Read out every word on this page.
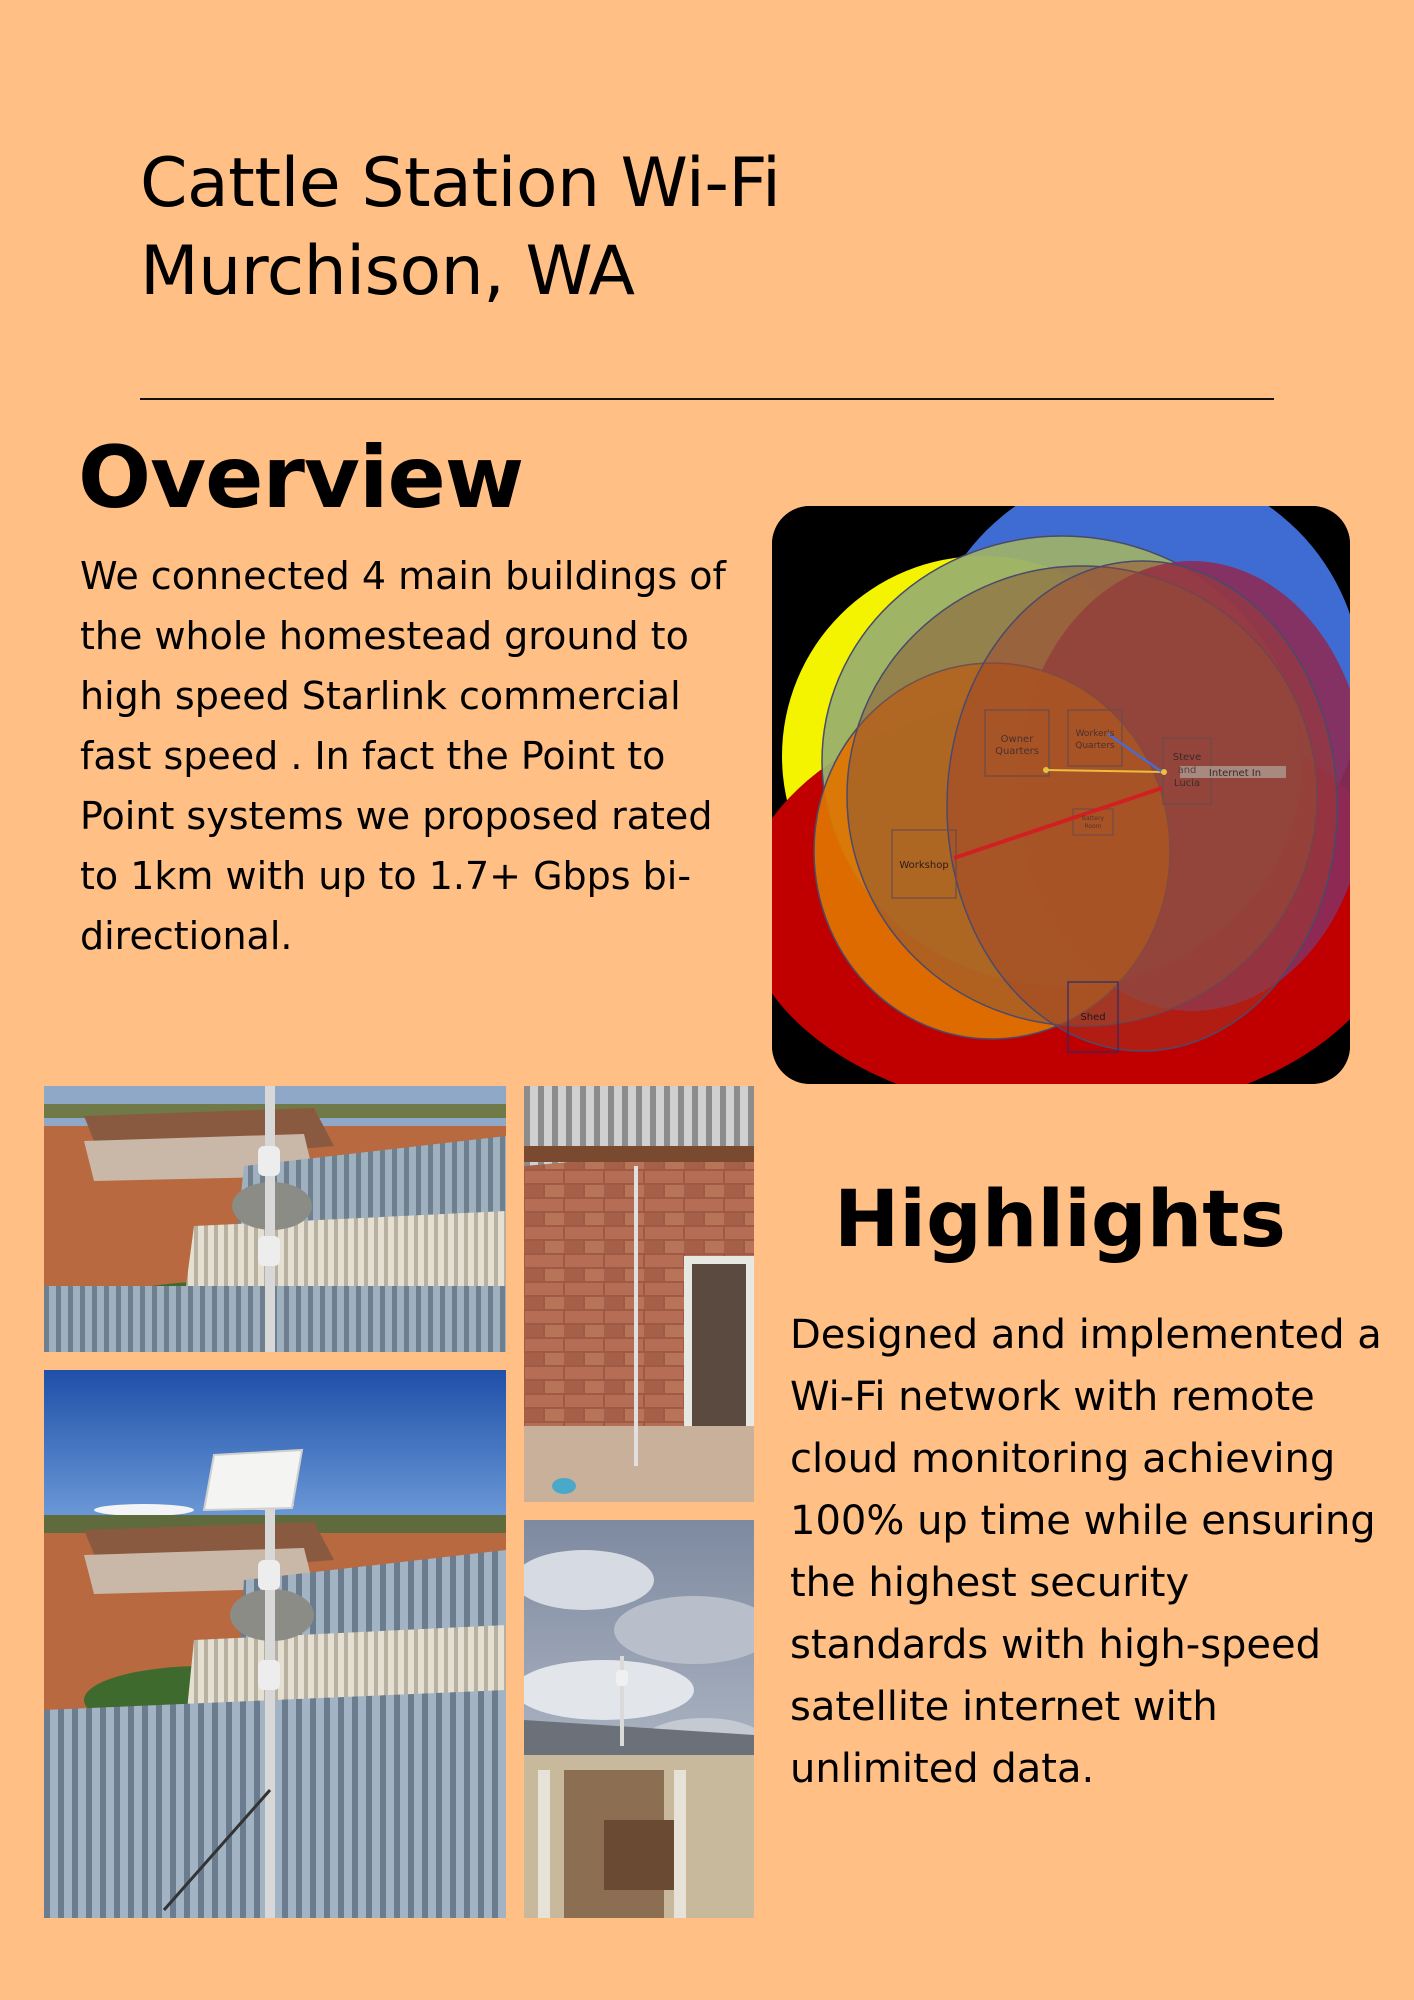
Cattle Station Wi-Fi
Murchison, WA
Overview

We connected 4 main buildings of the whole homestead ground to high speed Starlink commercial fast speed . In fact the Point to Point systems we proposed rated to 1km with up to 1.7+ Gbps bi-directional.

Owner
Quarters
Worker's
Quarters
Steve
and
Lucia
Internet In
Battery
Room
Workshop
Shed
Highlights

Designed and implemented a Wi-Fi network with remote cloud monitoring achieving 100% up time while ensuring the highest security standards with high-speed satellite internet with unlimited data.
